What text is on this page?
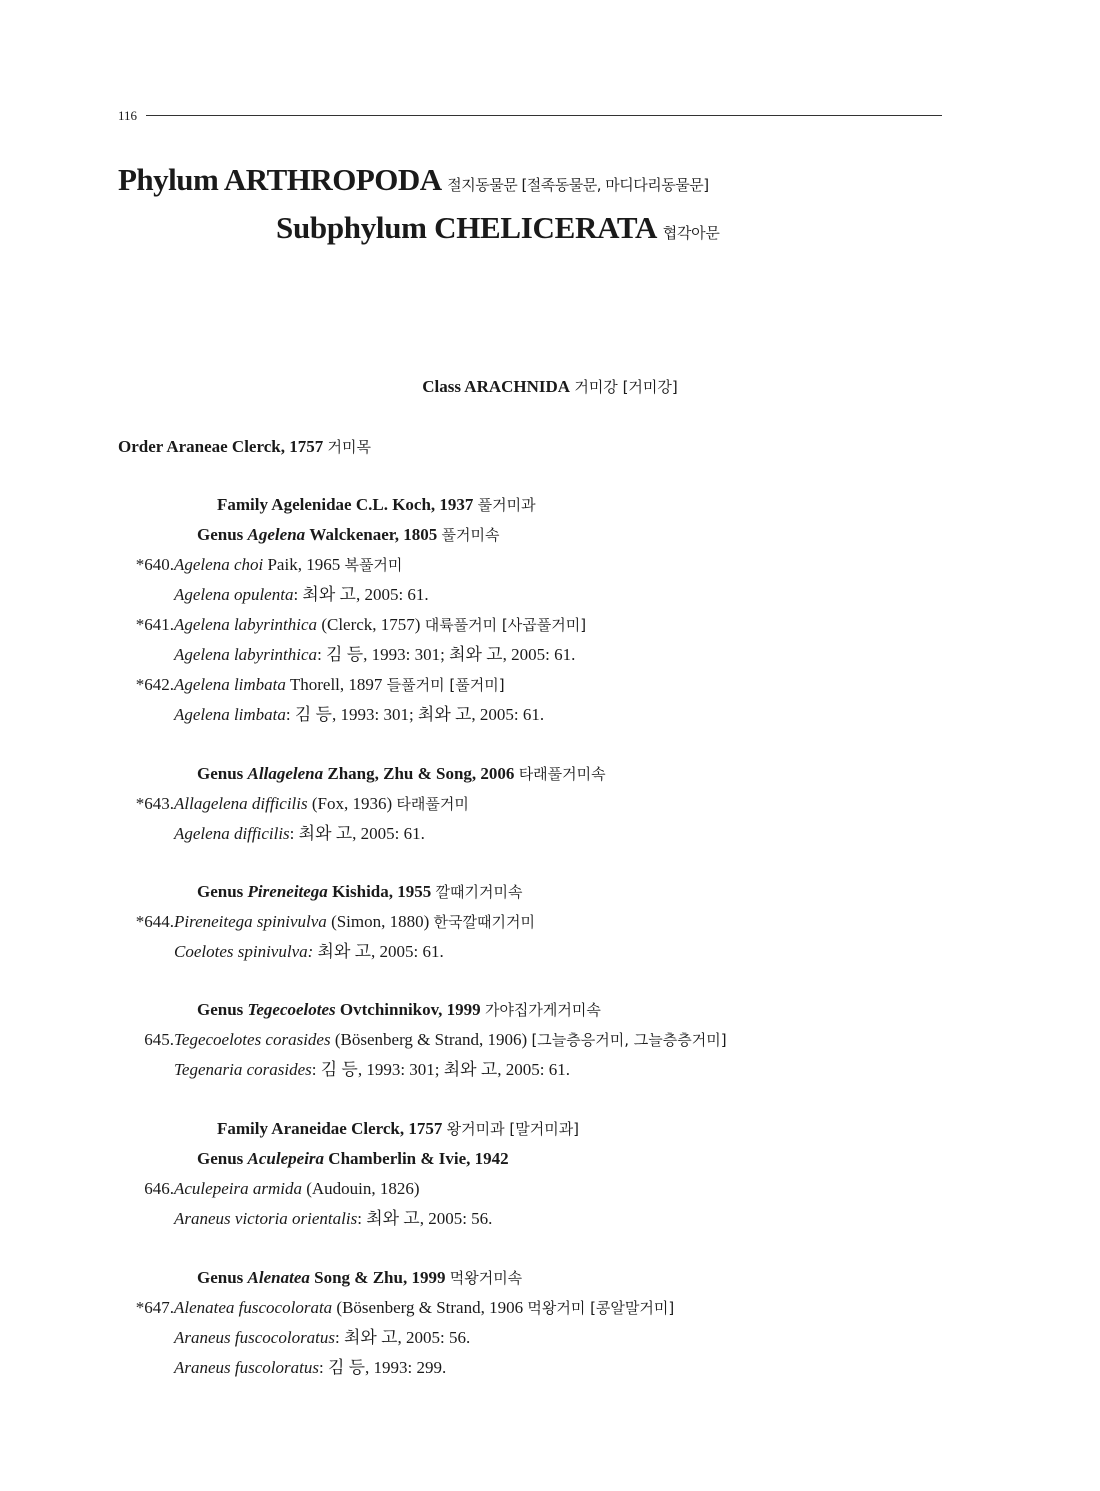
116
Phylum ARTHROPODA 절지동물문 [절족동물문, 마디다리동물문]
Subphylum CHELICERATA 협각아문
Class ARACHNIDA 거미강 [거미강]
Order Araneae Clerck, 1757 거미목
Family Agelenidae C.L. Koch, 1937 풀거미과
Genus Agelena Walckenaer, 1805 풀거미속
*640.Agelena choi Paik, 1965 복풀거미
Agelena opulenta: 최와 고, 2005: 61.
*641.Agelena labyrinthica (Clerck, 1757) 대륙풀거미 [사곱풀거미]
Agelena labyrinthica: 김 등, 1993: 301; 최와 고, 2005: 61.
*642.Agelena limbata Thorell, 1897 들풀거미 [풀거미]
Agelena limbata: 김 등, 1993: 301; 최와 고, 2005: 61.
Genus Allagelena Zhang, Zhu & Song, 2006 타래풀거미속
*643.Allagelena difficilis (Fox, 1936) 타래풀거미
Agelena difficilis: 최와 고, 2005: 61.
Genus Pireneitega Kishida, 1955 깔때기거미속
*644.Pireneitega spinivulva (Simon, 1880) 한국깔때기거미
Coelotes spinivulva: 최와 고, 2005: 61.
Genus Tegecoelotes Ovtchinnikov, 1999 가야집가게거미속
645.Tegecoelotes corasides (Bösenberg & Strand, 1906) [그늘층응거미, 그늘층층거미]
Tegenaria corasides: 김 등, 1993: 301; 최와 고, 2005: 61.
Family Araneidae Clerck, 1757 왕거미과 [말거미과]
Genus Aculepeira Chamberlin & Ivie, 1942
646.Aculepeira armida (Audouin, 1826)
Araneus victoria orientalis: 최와 고, 2005: 56.
Genus Alenatea Song & Zhu, 1999 먹왕거미속
*647.Alenatea fuscocolorata (Bösenberg & Strand, 1906 먹왕거미 [콩알말거미]
Araneus fuscocoloratus: 최와 고, 2005: 56.
Araneus fuscoloratus: 김 등, 1993: 299.
